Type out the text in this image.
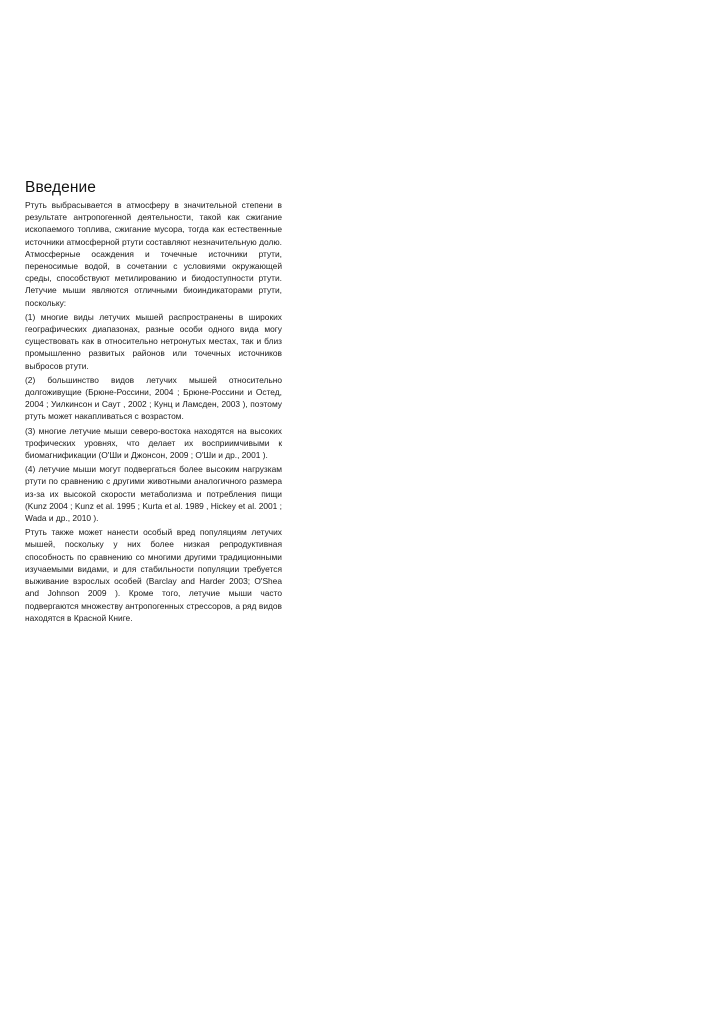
Введение

Ртуть выбрасывается в атмосферу в значительной степени в результате антропогенной деятельности, такой как сжигание ископаемого топлива, сжигание мусора, тогда как естественные источники атмосферной ртути составляют незначительную долю. Атмосферные осаждения и точечные источники ртути, переносимые водой, в сочетании с условиями окружающей среды, способствуют метилированию и биодоступности ртути. Летучие мыши являются отличными биоиндикаторами ртути, поскольку:

(1) многие виды летучих мышей распространены в широких географических диапазонах, разные особи одного вида могу существовать как в относительно нетронутых местах, так и близ промышленно развитых районов или точечных источников выбросов ртути.

(2) большинство видов летучих мышей относительно долгоживущие (Брюне-Россини, 2004 ; Брюне-Россини и Остед, 2004 ; Уилкинсон и Саут , 2002 ; Кунц и Ламсден, 2003 ), поэтому ртуть может накапливаться с возрастом.

(3) многие летучие мыши северо-востока находятся на высоких трофических уровнях, что делает их восприимчивыми к биомагнификации (О'Ши и Джонсон, 2009 ; О'Ши и др., 2001 ).

(4) летучие мыши могут подвергаться более высоким нагрузкам ртути по сравнению с другими животными аналогичного размера из-за их высокой скорости метаболизма и потребления пищи (Kunz 2004 ; Kunz et al. 1995 ; Kurta et al. 1989 , Hickey et al. 2001 ; Wada и др., 2010 ).

Ртуть также может нанести особый вред популяциям летучих мышей, поскольку у них более низкая репродуктивная способность по сравнению со многими другими традиционными изучаемыми видами, и для стабильности популяции требуется выживание взрослых особей (Barclay and Harder 2003; O'Shea and Johnson 2009 ). Кроме того, летучие мыши часто подвергаются множеству антропогенных стрессоров, а ряд видов находятся в Красной Книге.
